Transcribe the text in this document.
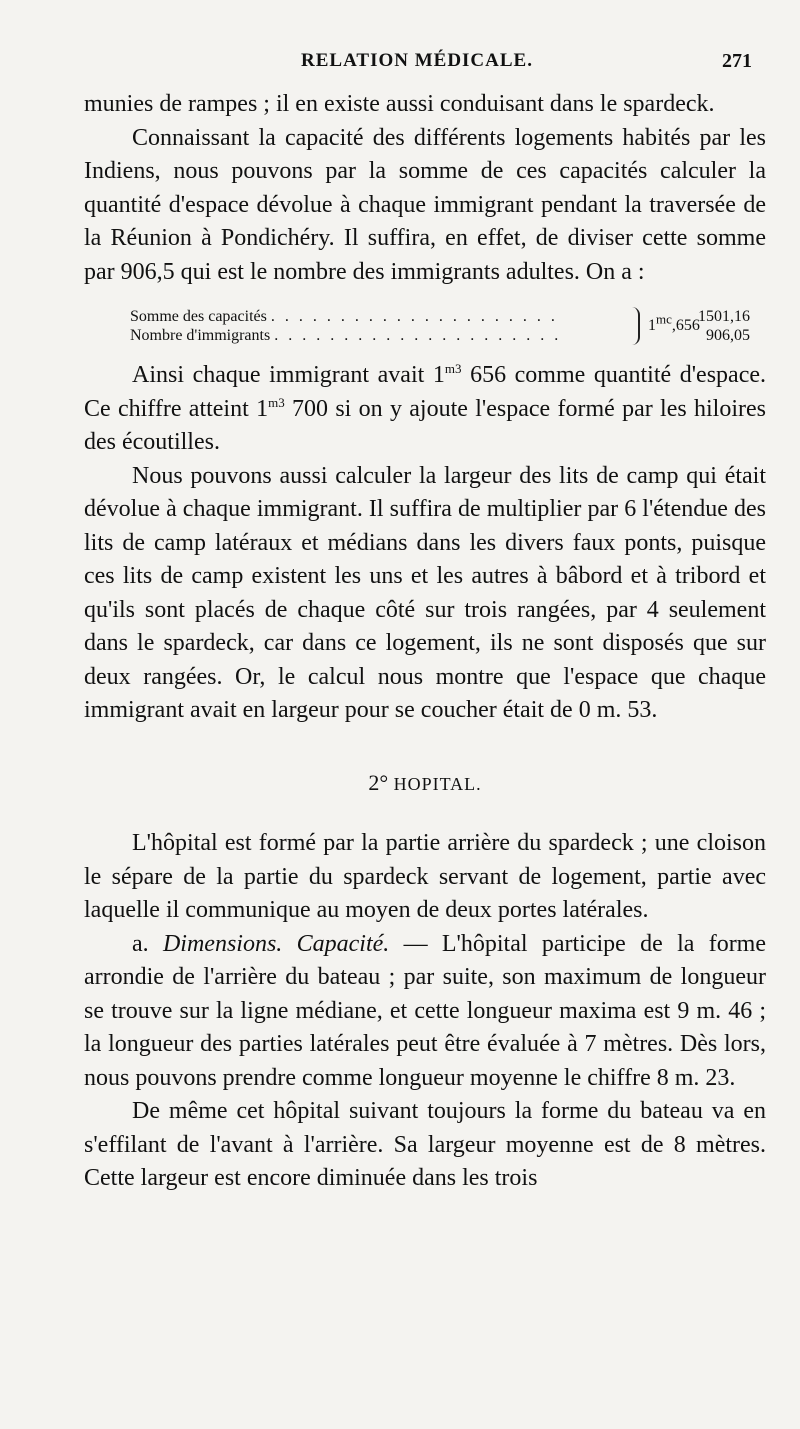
RELATION MÉDICALE.	271

munies de rampes ; il en existe aussi conduisant dans le spardeck.

Connaissant la capacité des différents logements habités par les Indiens, nous pouvons par la somme de ces capacités calculer la quantité d'espace dévolue à chaque immigrant pendant la traversée de la Réunion à Pondichéry. Il suffira, en effet, de diviser cette somme par 906,5 qui est le nombre des immigrants adultes. On a :

Somme des capacités . . . . . . . . . . . . . . . . . . . . .	1501,16
Nombre d'immigrants . . . . . . . . . . . . . . . . . . . . .	906,05
$1^{mc},656$

Ainsi chaque immigrant avait $1^{m3}$ 656 comme quantité d'espace. Ce chiffre atteint $1^{m3}$ 700 si on y ajoute l'espace formé par les hiloires des écoutilles.

Nous pouvons aussi calculer la largeur des lits de camp qui était dévolue à chaque immigrant. Il suffira de multiplier par 6 l'étendue des lits de camp latéraux et médians dans les divers faux ponts, puisque ces lits de camp existent les uns et les autres à bâbord et à tribord et qu'ils sont placés de chaque côté sur trois rangées, par 4 seulement dans le spardeck, car dans ce logement, ils ne sont disposés que sur deux rangées. Or, le calcul nous montre que l'espace que chaque immigrant avait en largeur pour se coucher était de 0 m. 53.

2° HOPITAL.

L'hôpital est formé par la partie arrière du spardeck ; une cloison le sépare de la partie du spardeck servant de logement, partie avec laquelle il communique au moyen de deux portes latérales.

a. Dimensions. Capacité. — L'hôpital participe de la forme arrondie de l'arrière du bateau ; par suite, son maximum de longueur se trouve sur la ligne médiane, et cette longueur maxima est 9 m. 46 ; la longueur des parties latérales peut être évaluée à 7 mètres. Dès lors, nous pouvons prendre comme longueur moyenne le chiffre 8 m. 23.

De même cet hôpital suivant toujours la forme du bateau va en s'effilant de l'avant à l'arrière. Sa largeur moyenne est de 8 mètres. Cette largeur est encore diminuée dans les trois
